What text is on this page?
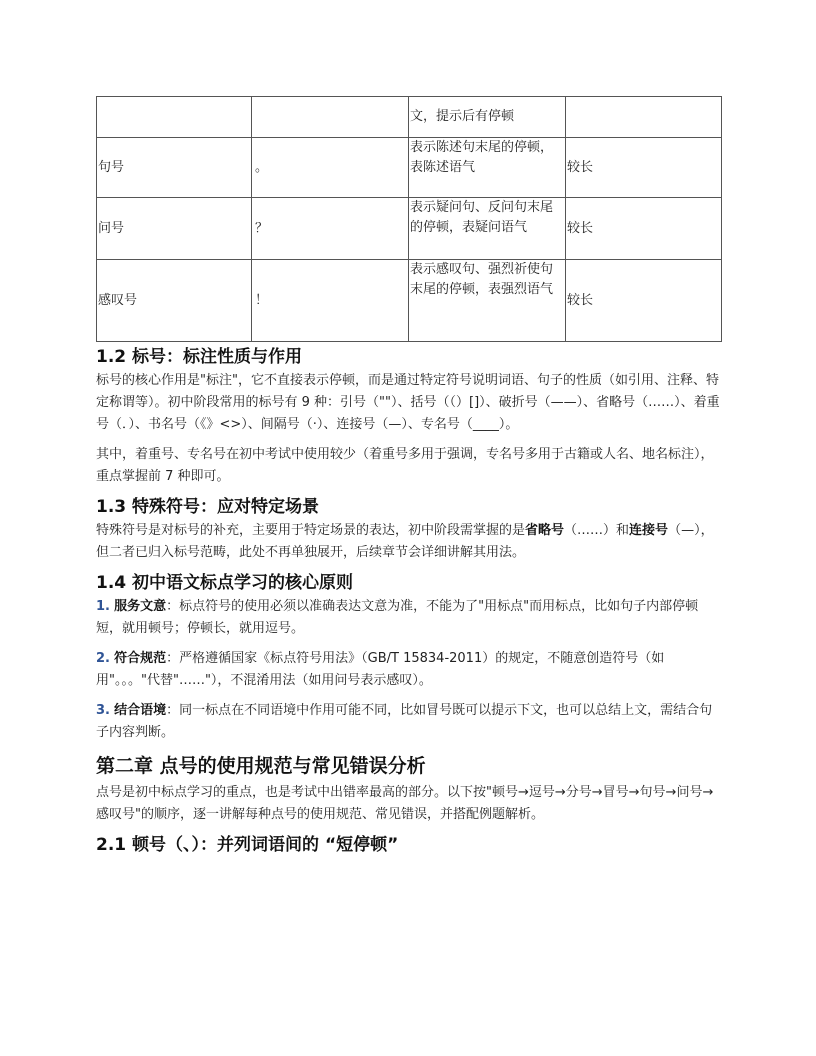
		文，提示后有停顿	
句号	。	表示陈述句末尾的停顿，表陈述语气	较长
问号	？	表示疑问句、反问句末尾的停顿，表疑问语气	较长
感叹号	！	表示感叹句、强烈祈使句末尾的停顿，表强烈语气	较长
1.2 标号：标注性质与作用

标号的核心作用是"标注"，它不直接表示停顿，而是通过特定符号说明词语、句子的性质（如引用、注释、特定称谓等）。初中阶段常用的标号有 9 种：引号（""）、括号（（）[]）、破折号（——）、省略号（……）、着重号（．）、书名号（《》<>）、间隔号（·）、连接号（—）、专名号（____）。

其中，着重号、专名号在初中考试中使用较少（着重号多用于强调，专名号多用于古籍或人名、地名标注），重点掌握前 7 种即可。

1.3 特殊符号：应对特定场景

特殊符号是对标号的补充，主要用于特定场景的表达，初中阶段需掌握的是省略号（……）和连接号（—），但二者已归入标号范畴，此处不再单独展开，后续章节会详细讲解其用法。

1.4 初中语文标点学习的核心原则

1. 服务文意：标点符号的使用必须以准确表达文意为准，不能为了"用标点"而用标点，比如句子内部停顿短，就用顿号；停顿长，就用逗号。

2. 符合规范：严格遵循国家《标点符号用法》（GB/T 15834-2011）的规定，不随意创造符号（如用"。。。"代替"……"），不混淆用法（如用问号表示感叹）。

3. 结合语境：同一标点在不同语境中作用可能不同，比如冒号既可以提示下文，也可以总结上文，需结合句子内容判断。

第二章 点号的使用规范与常见错误分析

点号是初中标点学习的重点，也是考试中出错率最高的部分。以下按"顿号→逗号→分号→冒号→句号→问号→感叹号"的顺序，逐一讲解每种点号的使用规范、常见错误，并搭配例题解析。

2.1 顿号（、）：并列词语间的 “短停顿”
